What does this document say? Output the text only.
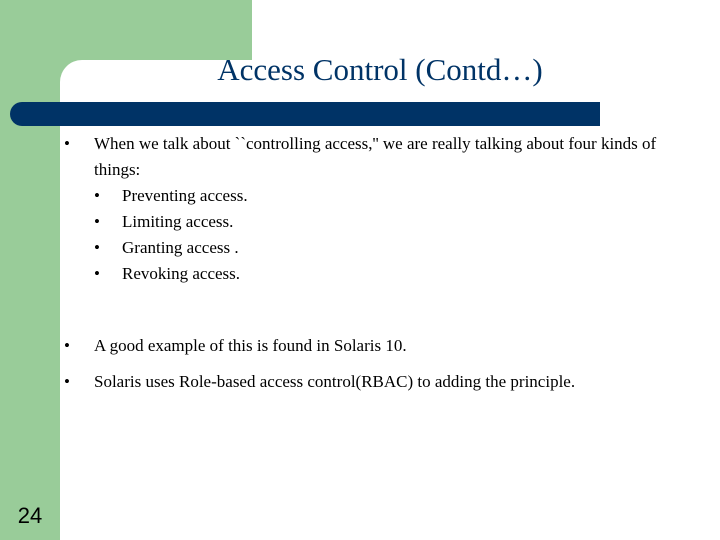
Access Control (Contd…)
• When we talk about ``controlling access,'' we are really talking about four kinds of things:
• Preventing access.
• Limiting access.
• Granting access .
• Revoking access.
• A good example of this is found in Solaris 10.
• Solaris uses Role-based access control(RBAC) to adding the principle.
24
